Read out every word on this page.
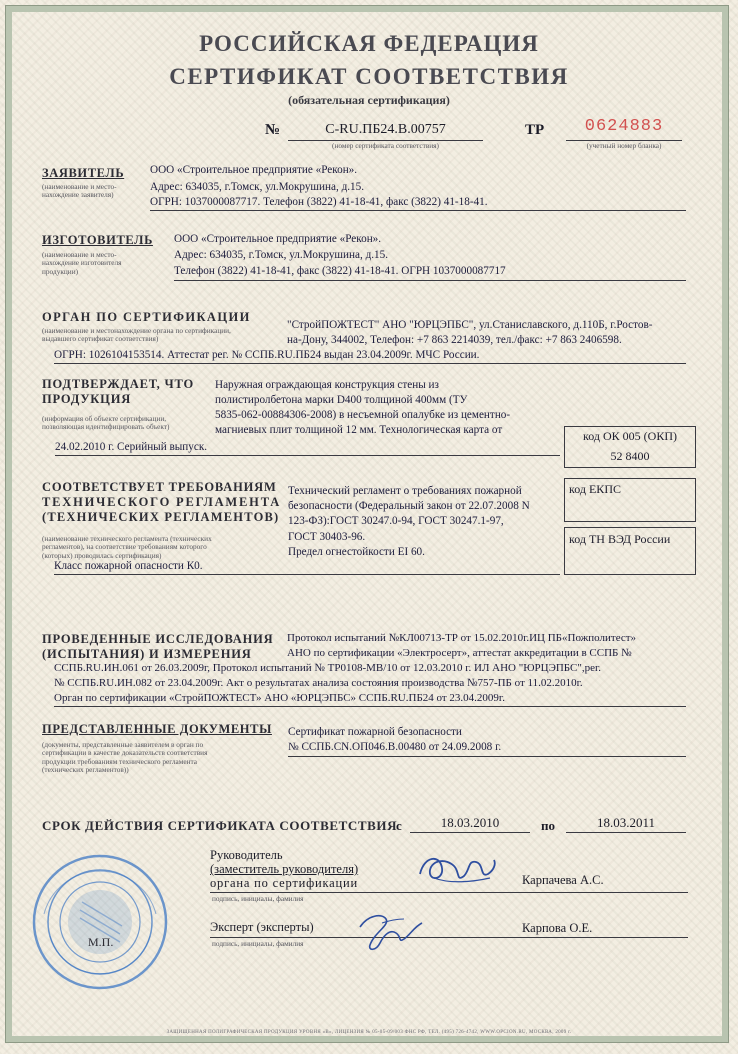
РОССИЙСКАЯ ФЕДЕРАЦИЯ
СЕРТИФИКАТ СООТВЕТСТВИЯ
(обязательная сертификация)
№	C-RU.ПБ24.В.00757
(номер сертификата соответствия)
ТР	0624883
(учетный номер бланка)
ЗАЯВИТЕЛЬ
(наименование и место-
нахождение заявителя)
ООО «Строительное предприятие «Рекон».
Адрес: 634035, г.Томск, ул.Мокрушина, д.15.
ОГРН: 1037000087717. Телефон (3822) 41-18-41, факс (3822) 41-18-41.
ИЗГОТОВИТЕЛЬ
(наименование и место-
нахождение изготовителя
продукции)
ООО «Строительное предприятие «Рекон».
Адрес: 634035, г.Томск, ул.Мокрушина, д.15.
Телефон (3822) 41-18-41, факс (3822) 41-18-41. ОГРН 1037000087717
ОРГАН ПО СЕРТИФИКАЦИИ
(наименование и местонахождение органа по сертификации,
выдавшего сертификат соответствия)
"СтройПОЖТЕСТ" АНО "ЮРЦЭПБС", ул.Станиславского, д.110Б, г.Ростов-
на-Дону, 344002, Телефон: +7 863 2214039, тел./факс: +7 863 2406598.
ОГРН: 1026104153514. Аттестат рег. № ССПБ.RU.ПБ24 выдан 23.04.2009г. МЧС России.
ПОДТВЕРЖДАЕТ, ЧТО
ПРОДУКЦИЯ
(информация об объекте сертификации,
позволяющая идентифицировать объект)
Наружная ограждающая конструкция стены из
полистиролбетона марки D400 толщиной 400мм (ТУ
5835-062-00884306-2008) в несъемной опалубке из цементно-
магниевых плит толщиной 12 мм. Технологическая карта от
24.02.2010 г. Серийный выпуск.
код ОК 005 (ОКП)
52 8400
код ЕКПС
код ТН ВЭД России
СООТВЕТСТВУЕТ ТРЕБОВАНИЯМ
ТЕХНИЧЕСКОГО РЕГЛАМЕНТА
(ТЕХНИЧЕСКИХ РЕГЛАМЕНТОВ)
(наименование технического регламента (технических
регламентов), на соответствие требованиям которого
(которых) проводилась сертификация)
Технический регламент о требованиях пожарной
безопасности (Федеральный закон от 22.07.2008 N
123-ФЗ):ГОСТ 30247.0-94, ГОСТ 30247.1-97,
ГОСТ 30403-96.
Предел огнестойкости EI 60.
Класс пожарной опасности К0.
ПРОВЕДЕННЫЕ ИССЛЕДОВАНИЯ
(ИСПЫТАНИЯ) И ИЗМЕРЕНИЯ
Протокол испытаний №КЛ00713-ТР от 15.02.2010г.ИЦ ПБ«Пожполитест»
АНО по сертификации «Электросерт», аттестат аккредитации в ССПБ №
ССПБ.RU.ИН.061 от 26.03.2009г, Протокол испытаний № ТР0108-МВ/10 от 12.03.2010 г. ИЛ АНО "ЮРЦЭПБС",рег.
№ ССПБ.RU.ИН.082 от 23.04.2009г. Акт о результатах анализа состояния производства №757-ПБ от 11.02.2010г.
Орган по сертификации «СтройПОЖТЕСТ» АНО «ЮРЦЭПБС» ССПБ.RU.ПБ24 от 23.04.2009г.
ПРЕДСТАВЛЕННЫЕ ДОКУМЕНТЫ
(документы, представленные заявителем в орган по
сертификации в качестве доказательств соответствия
продукции требованиям технического регламента
(технических регламентов))
Сертификат пожарной безопасности
№ ССПБ.CN.ОП046.В.00480 от 24.09.2008 г.
СРОК ДЕЙСТВИЯ СЕРТИФИКАТА СООТВЕТСТВИЯ
с	18.03.2010	по	18.03.2011
М.П.
Руководитель
(заместитель руководителя)
органа по сертификации
подпись, инициалы, фамилия
Карпачева А.С.
Эксперт (эксперты)
подпись, инициалы, фамилия
Карпова О.Е.
ЗАЩИЩЕННАЯ ПОЛИГРАФИЧЕСКАЯ ПРОДУКЦИЯ УРОВНЯ «В», ЛИЦЕНЗИЯ № 05-05-09/003 ФНС РФ, ТЕЛ. (495) 726-4742, WWW.OPCION.RU, МОСКВА, 2009 г.
